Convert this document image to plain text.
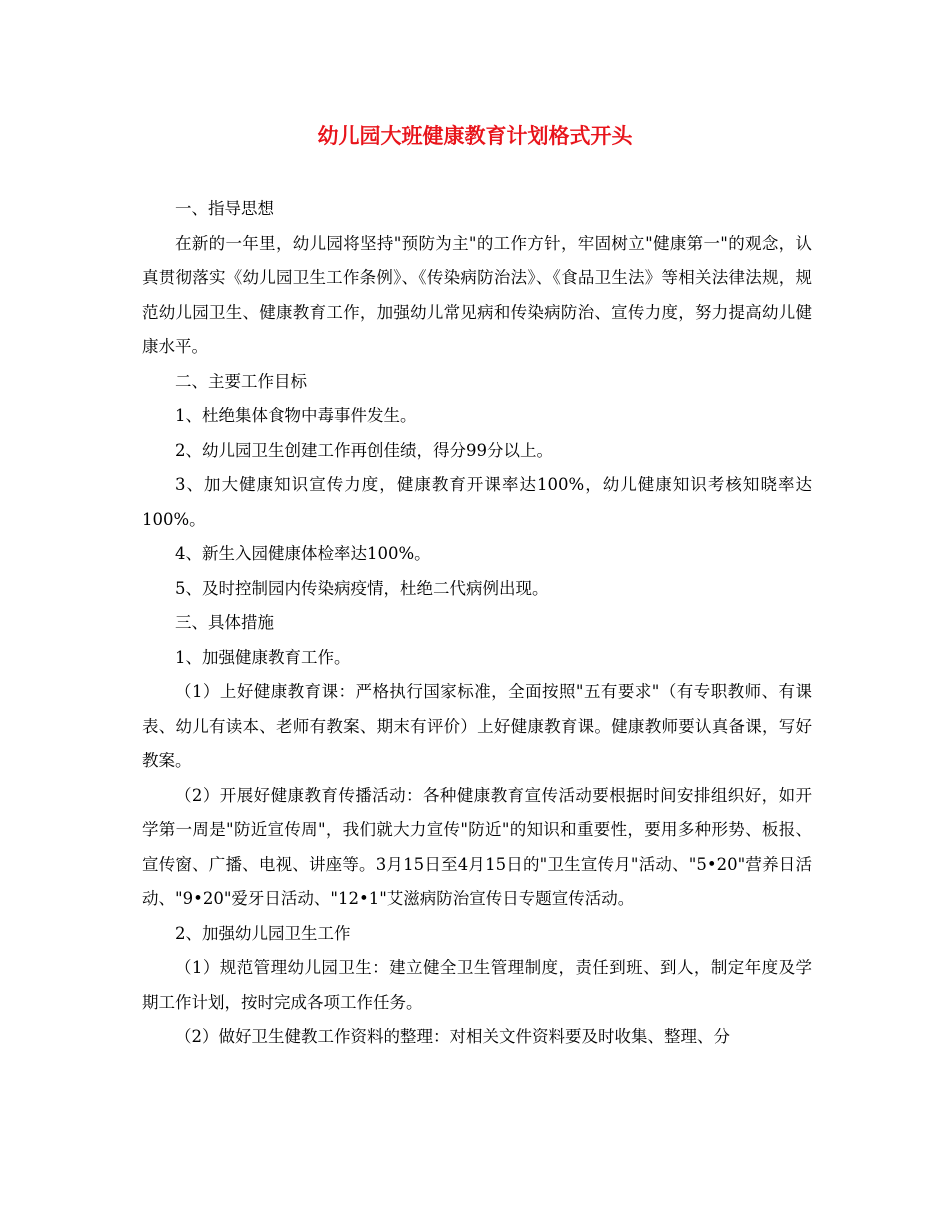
幼儿园大班健康教育计划格式开头

一、指导思想

在新的一年里，幼儿园将坚持"预防为主"的工作方针，牢固树立"健康第一"的观念，认真贯彻落实《幼儿园卫生工作条例》、《传染病防治法》、《食品卫生法》等相关法律法规，规范幼儿园卫生、健康教育工作，加强幼儿常见病和传染病防治、宣传力度，努力提高幼儿健康水平。

二、主要工作目标

1、杜绝集体食物中毒事件发生。

2、幼儿园卫生创建工作再创佳绩，得分99分以上。

3、加大健康知识宣传力度，健康教育开课率达100%，幼儿健康知识考核知晓率达100%。

4、新生入园健康体检率达100%。

5、及时控制园内传染病疫情，杜绝二代病例出现。

三、具体措施

1、加强健康教育工作。

（1）上好健康教育课：严格执行国家标准，全面按照"五有要求"（有专职教师、有课表、幼儿有读本、老师有教案、期末有评价）上好健康教育课。健康教师要认真备课，写好教案。

（2）开展好健康教育传播活动：各种健康教育宣传活动要根据时间安排组织好，如开学第一周是"防近宣传周"，我们就大力宣传"防近"的知识和重要性，要用多种形势、板报、宣传窗、广播、电视、讲座等。3月15日至4月15日的"卫生宣传月"活动、"5•20"营养日活动、"9•20"爱牙日活动、"12•1"艾滋病防治宣传日专题宣传活动。

2、加强幼儿园卫生工作

（1）规范管理幼儿园卫生：建立健全卫生管理制度，责任到班、到人，制定年度及学期工作计划，按时完成各项工作任务。

（2）做好卫生健教工作资料的整理：对相关文件资料要及时收集、整理、分
